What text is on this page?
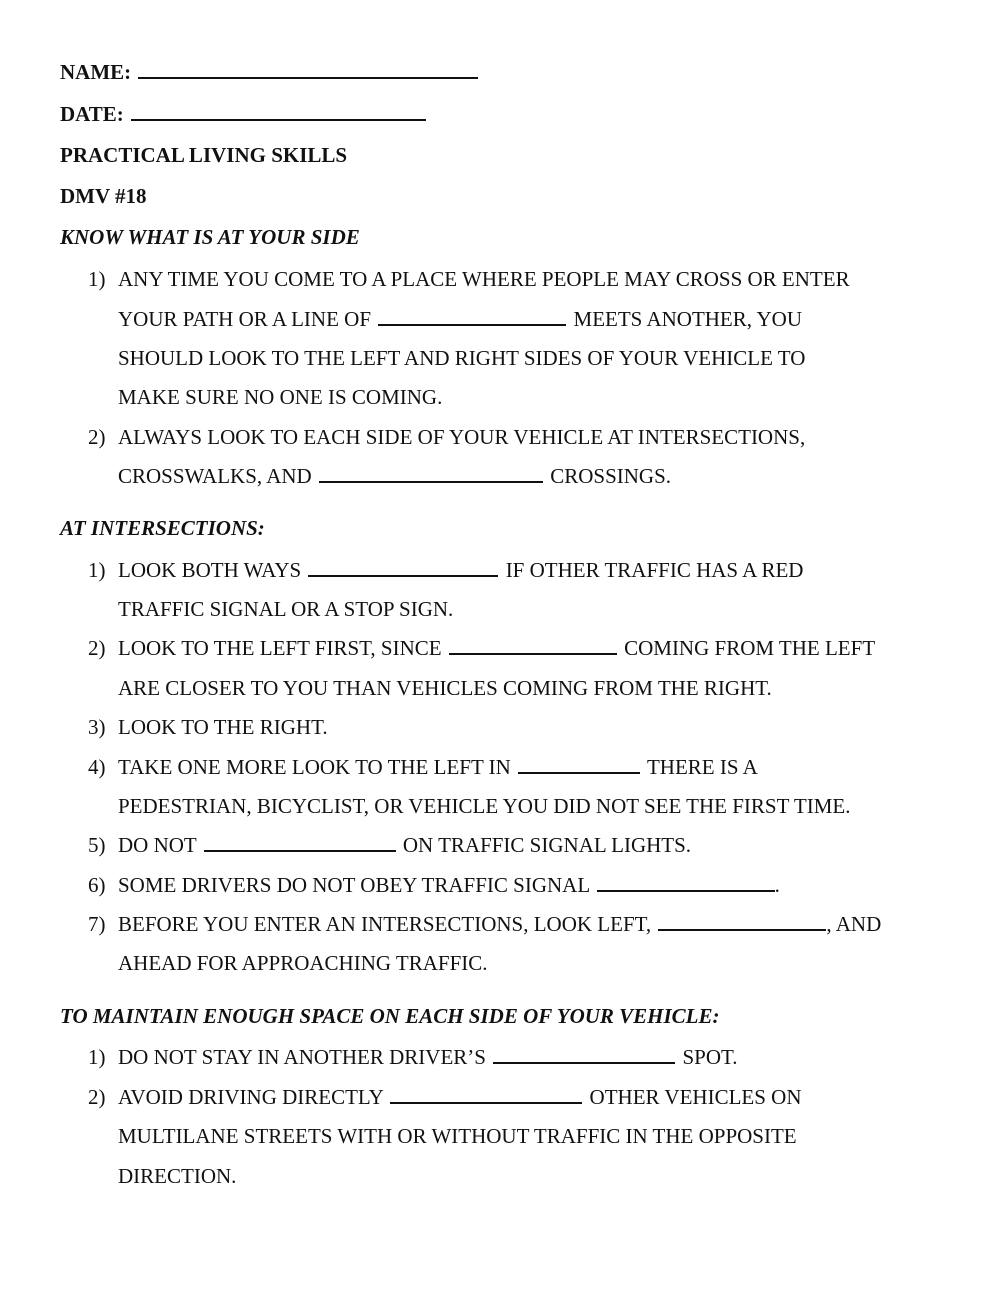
NAME:
DATE:
PRACTICAL LIVING SKILLS
DMV #18
KNOW WHAT IS AT YOUR SIDE
1) ANY TIME YOU COME TO A PLACE WHERE PEOPLE MAY CROSS OR ENTER
YOUR PATH OR A LINE OF	MEETS ANOTHER, YOU
SHOULD LOOK TO THE LEFT AND RIGHT SIDES OF YOUR VEHICLE TO
MAKE SURE NO ONE IS COMING.
2) ALWAYS LOOK TO EACH SIDE OF YOUR VEHICLE AT INTERSECTIONS,
CROSSWALKS, AND	CROSSINGS.
AT INTERSECTIONS:
1) LOOK BOTH WAYS	IF OTHER TRAFFIC HAS A RED
TRAFFIC SIGNAL OR A STOP SIGN.
2) LOOK TO THE LEFT FIRST, SINCE	COMING FROM THE LEFT
ARE CLOSER TO YOU THAN VEHICLES COMING FROM THE RIGHT.
3) LOOK TO THE RIGHT.
4) TAKE ONE MORE LOOK TO THE LEFT IN	THERE IS A
PEDESTRIAN, BICYCLIST, OR VEHICLE YOU DID NOT SEE THE FIRST TIME.
5) DO NOT	ON TRAFFIC SIGNAL LIGHTS.
6) SOME DRIVERS DO NOT OBEY TRAFFIC SIGNAL	.
7) BEFORE YOU ENTER AN INTERSECTIONS, LOOK LEFT,	, AND
AHEAD FOR APPROACHING TRAFFIC.
TO MAINTAIN ENOUGH SPACE ON EACH SIDE OF YOUR VEHICLE:
1) DO NOT STAY IN ANOTHER DRIVER’S	SPOT.
2) AVOID DRIVING DIRECTLY	OTHER VEHICLES ON
MULTILANE STREETS WITH OR WITHOUT TRAFFIC IN THE OPPOSITE
DIRECTION.
